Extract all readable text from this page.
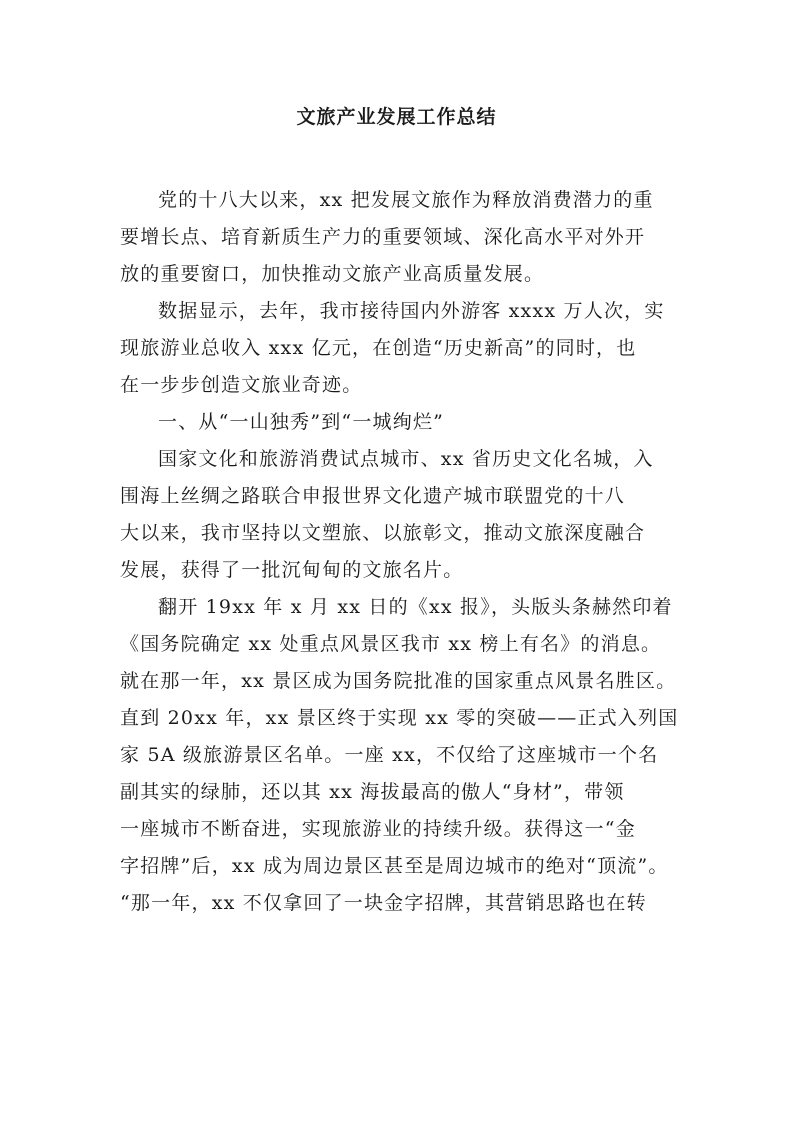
文旅产业发展工作总结
党的十八大以来，xx 把发展文旅作为释放消费潜力的重
要增长点、培育新质生产力的重要领域、深化高水平对外开
放的重要窗口，加快推动文旅产业高质量发展。
数据显示，去年，我市接待国内外游客 xxxx 万人次，实
现旅游业总收入 xxx 亿元，在创造“历史新高”的同时，也
在一步步创造文旅业奇迹。
一、从“一山独秀”到“一城绚烂”
国家文化和旅游消费试点城市、xx 省历史文化名城，入
围海上丝绸之路联合申报世界文化遗产城市联盟党的十八
大以来，我市坚持以文塑旅、以旅彰文，推动文旅深度融合
发展，获得了一批沉甸甸的文旅名片。
翻开 19xx 年 x 月 xx 日的《xx 报》，头版头条赫然印着
《国务院确定 xx 处重点风景区我市 xx 榜上有名》的消息。
就在那一年，xx 景区成为国务院批准的国家重点风景名胜区。
直到 20xx 年，xx 景区终于实现 xx 零的突破——正式入列国
家 5A 级旅游景区名单。一座 xx，不仅给了这座城市一个名
副其实的绿肺，还以其 xx 海拔最高的傲人“身材”，带领
一座城市不断奋进，实现旅游业的持续升级。获得这一“金
字招牌”后，xx 成为周边景区甚至是周边城市的绝对“顶流”。
“那一年，xx 不仅拿回了一块金字招牌，其营销思路也在转
